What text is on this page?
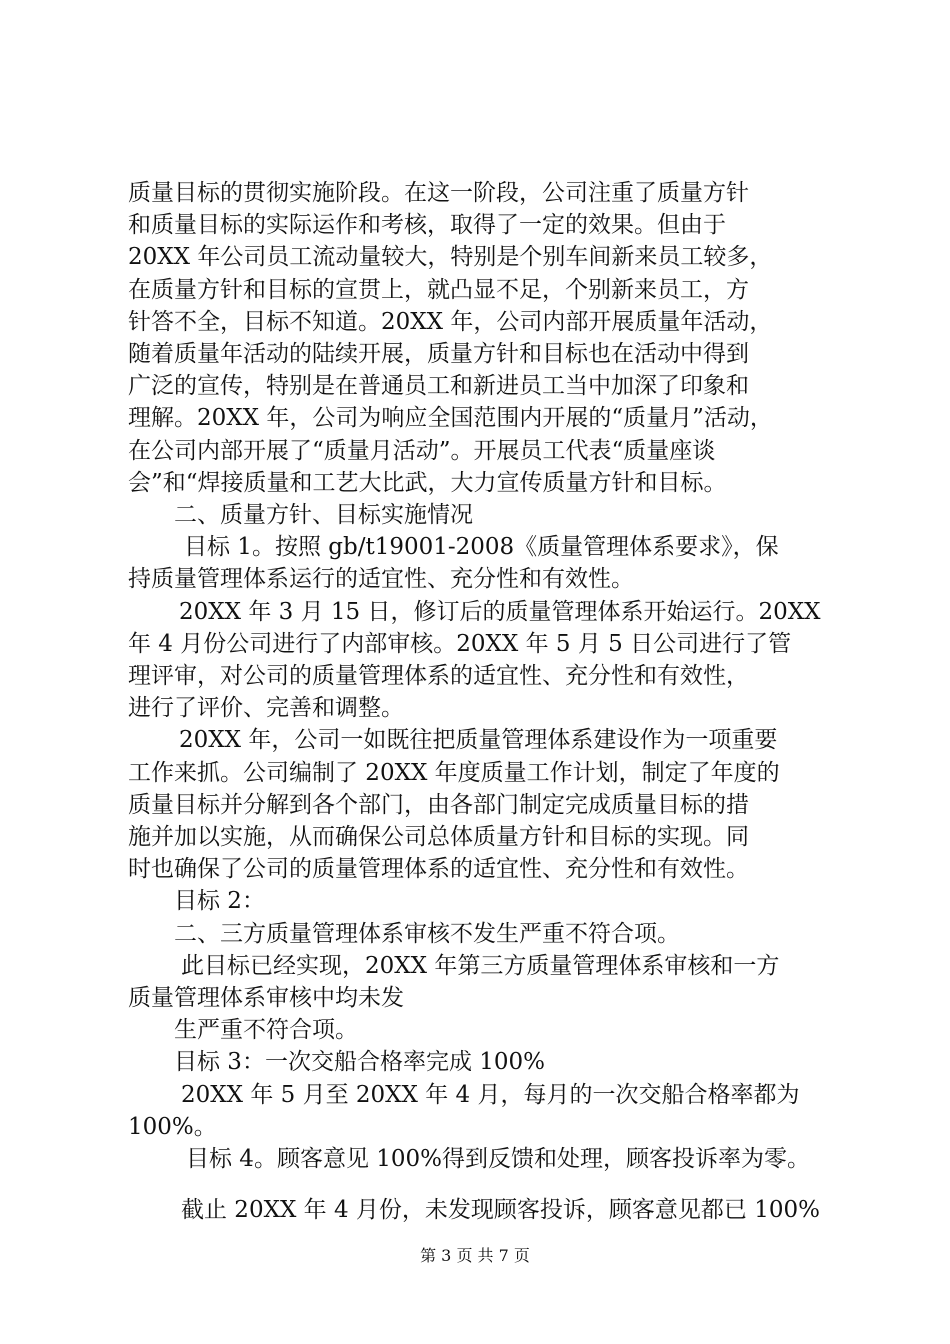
质量目标的贯彻实施阶段。在这一阶段，公司注重了质量方针

和质量目标的实际运作和考核，取得了一定的效果。但由于

20XX 年公司员工流动量较大，特别是个别车间新来员工较多，

在质量方针和目标的宣贯上，就凸显不足，个别新来员工，方

针答不全，目标不知道。20XX 年，公司内部开展质量年活动，

随着质量年活动的陆续开展，质量方针和目标也在活动中得到

广泛的宣传，特别是在普通员工和新进员工当中加深了印象和

理解。20XX 年，公司为响应全国范围内开展的“质量月”活动，

在公司内部开展了“质量月活动”。开展员工代表“质量座谈

会”和“焊接质量和工艺大比武，大力宣传质量方针和目标。

二、质量方针、目标实施情况

目标 1。按照 gb/t19001-2008《质量管理体系要求》，保

持质量管理体系运行的适宜性、充分性和有效性。

20XX 年 3 月 15 日，修订后的质量管理体系开始运行。20XX

年 4 月份公司进行了内部审核。20XX 年 5 月 5 日公司进行了管

理评审，对公司的质量管理体系的适宜性、充分性和有效性，

进行了评价、完善和调整。

20XX 年，公司一如既往把质量管理体系建设作为一项重要

工作来抓。公司编制了 20XX 年度质量工作计划，制定了年度的

质量目标并分解到各个部门，由各部门制定完成质量目标的措

施并加以实施，从而确保公司总体质量方针和目标的实现。同

时也确保了公司的质量管理体系的适宜性、充分性和有效性。

目标 2：

二、三方质量管理体系审核不发生严重不符合项。

此目标已经实现，20XX 年第三方质量管理体系审核和一方

质量管理体系审核中均未发

生严重不符合项。

目标 3：一次交船合格率完成 100%

20XX 年 5 月至 20XX 年 4 月，每月的一次交船合格率都为

100%。

目标 4。顾客意见 100%得到反馈和处理，顾客投诉率为零。

截止 20XX 年 4 月份，未发现顾客投诉，顾客意见都已 100%

第 3 页 共 7 页
